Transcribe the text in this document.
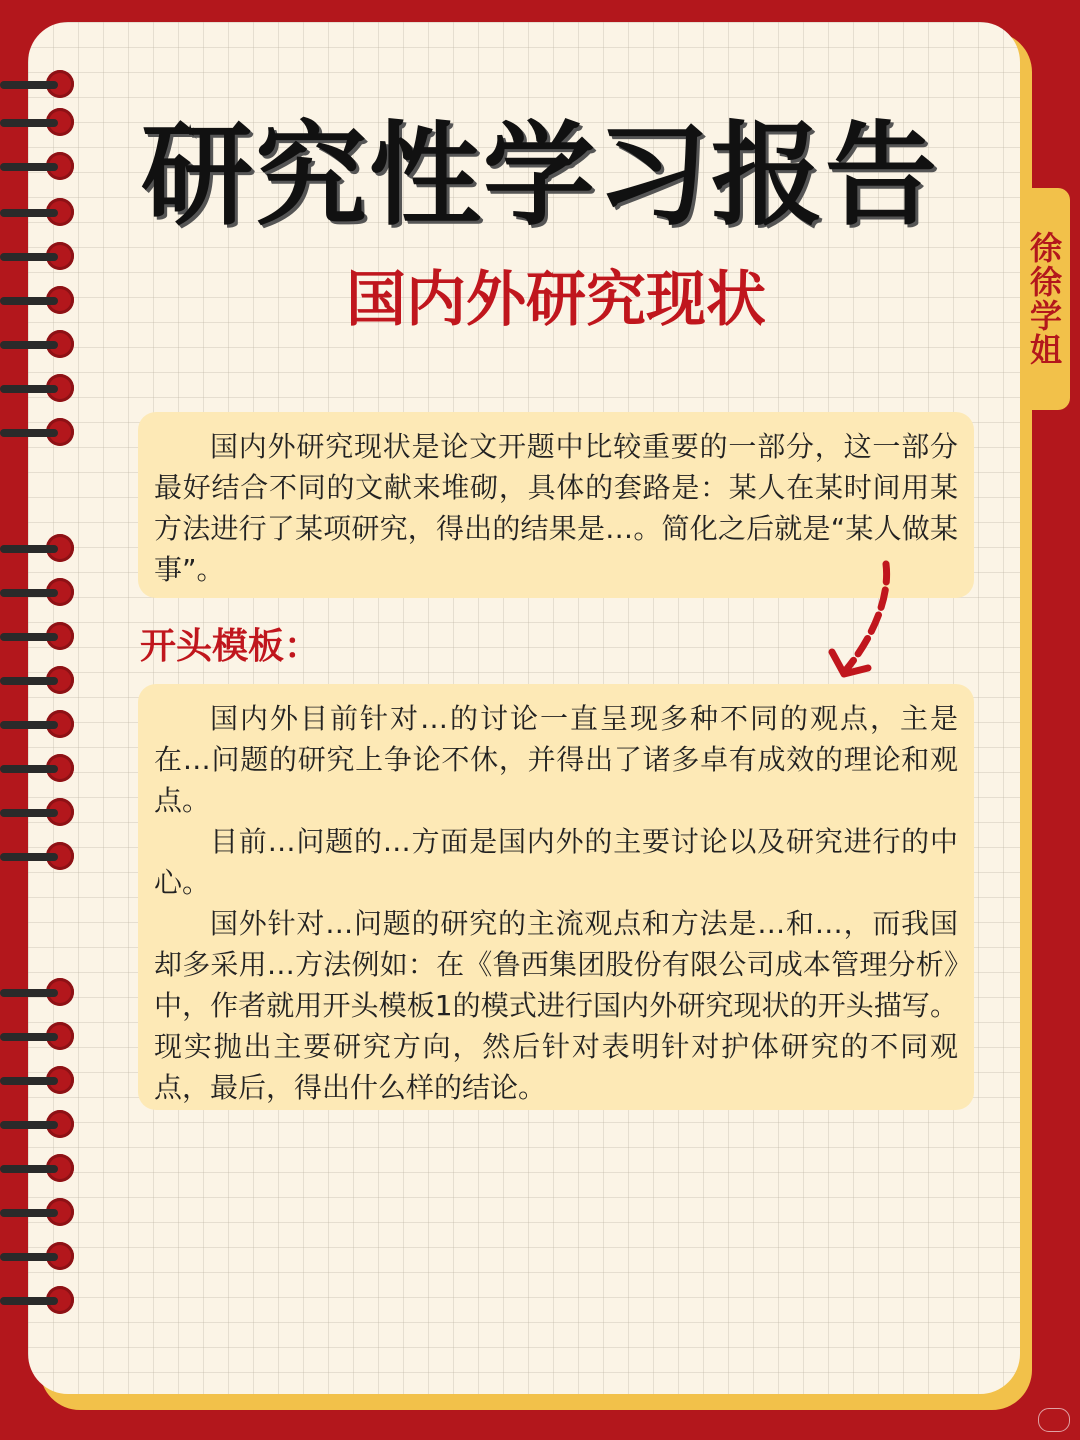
徐徐学姐
研究性学习报告
国内外研究现状

国内外研究现状是论文开题中比较重要的一部分，这一部分最好结合不同的文献来堆砌，具体的套路是：某人在某时间用某方法进行了某项研究，得出的结果是…。简化之后就是“某人做某事”。

开头模板：

国内外目前针对…的讨论一直呈现多种不同的观点，主是在…问题的研究上争论不休，并得出了诸多卓有成效的理论和观点。

目前…问题的…方面是国内外的主要讨论以及研究进行的中心。

国外针对…问题的研究的主流观点和方法是…和…，而我国却多采用…方法例如：在《鲁西集团股份有限公司成本管理分析》中，作者就用开头模板1的模式进行国内外研究现状的开头描写。现实抛出主要研究方向，然后针对表明针对护体研究的不同观点，最后，得出什么样的结论。
